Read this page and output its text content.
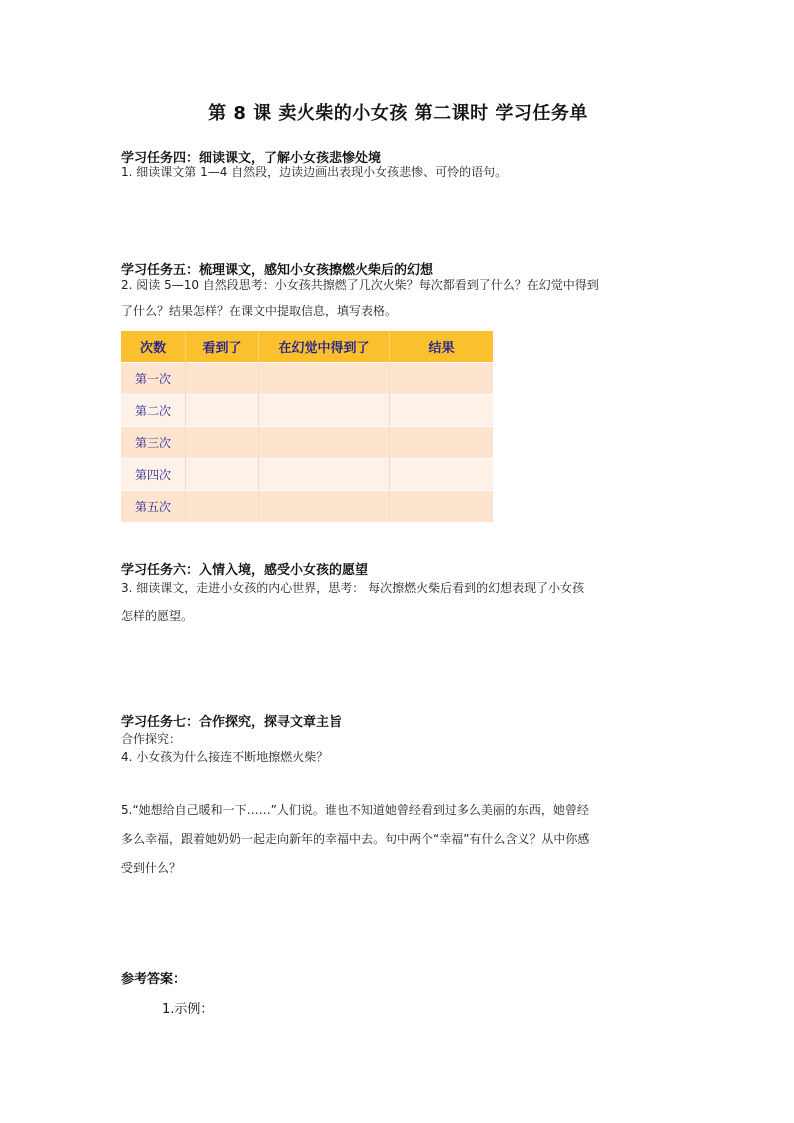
第 8 课 卖火柴的小女孩 第二课时 学习任务单

学习任务四：细读课文，了解小女孩悲惨处境

1. 细读课文第 1—4 自然段，边读边画出表现小女孩悲惨、可怜的语句。

学习任务五：梳理课文，感知小女孩擦燃火柴后的幻想

2. 阅读 5—10 自然段思考：小女孩共擦燃了几次火柴？每次都看到了什么？在幻觉中得到

了什么？结果怎样？在课文中提取信息，填写表格。

次数	看到了	在幻觉中得到了	结果
第一次			
第二次			
第三次			
第四次			
第五次			

学习任务六：入情入境，感受小女孩的愿望

3. 细读课文，走进小女孩的内心世界，思考： 每次擦燃火柴后看到的幻想表现了小女孩

怎样的愿望。

学习任务七：合作探究，探寻文章主旨

合作探究：

4. 小女孩为什么接连不断地擦燃火柴？

5.“她想给自己暖和一下……”人们说。谁也不知道她曾经看到过多么美丽的东西，她曾经

多么幸福，跟着她奶奶一起走向新年的幸福中去。句中两个“幸福”有什么含义？从中你感

受到什么？

参考答案：

1.示例：
